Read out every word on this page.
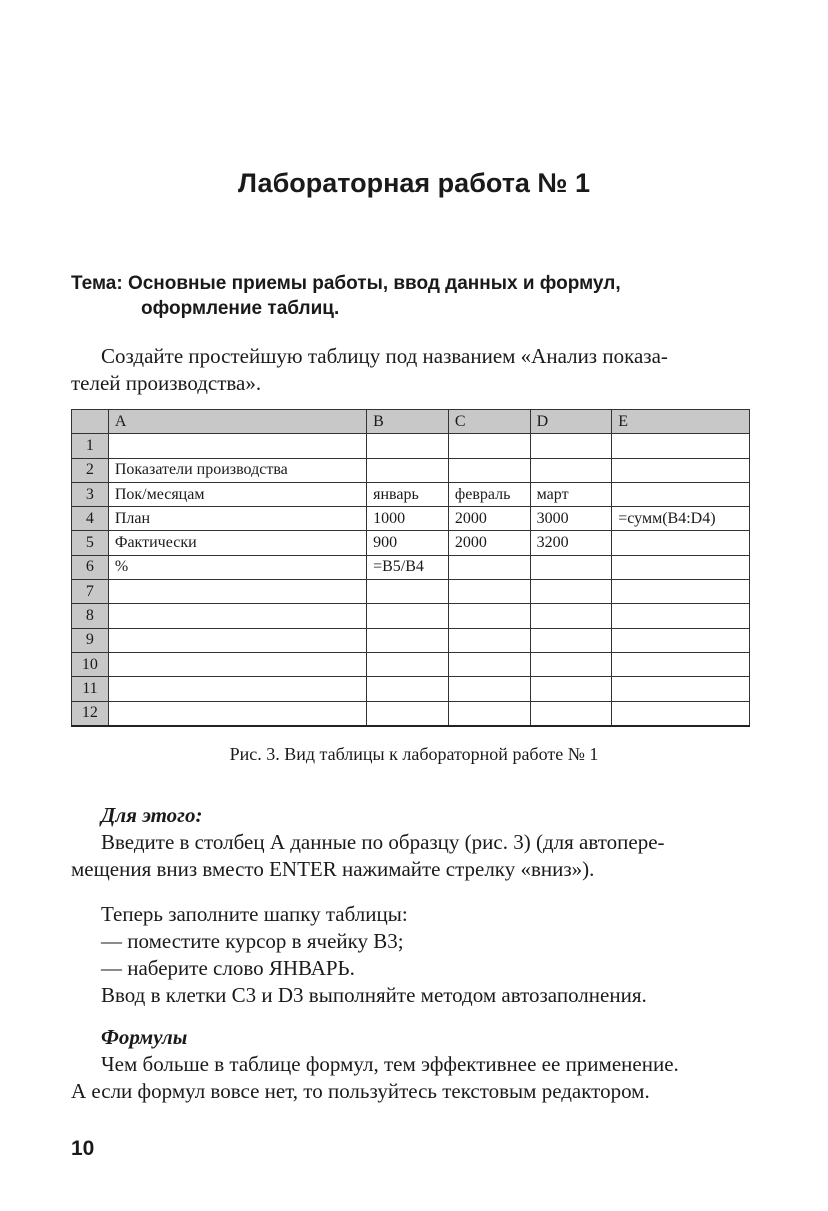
Лабораторная работа № 1
Тема: Основные приемы работы, ввод данных и формул,
оформление таблиц.
Создайте простейшую таблицу под названием «Анализ показа-
телей производства».
	A	B	C	D	E
1					
2	Показатели производства				
3	Пок/месяцам	январь	февраль	март	
4	План	1000	2000	3000	=сумм(B4:D4)
5	Фактически	900	2000	3200	
6	%	=B5/B4			
7					
8					
9					
10					
11					
12					
Рис. 3. Вид таблицы к лабораторной работе № 1
Для этого:
Введите в столбец А данные по образцу (рис. 3) (для автопере-
мещения вниз вместо ENTER нажимайте стрелку «вниз»).
Теперь заполните шапку таблицы:
— поместите курсор в ячейку В3;
— наберите слово ЯНВАРЬ.
Ввод в клетки С3 и D3 выполняйте методом автозаполнения.
Формулы
Чем больше в таблице формул, тем эффективнее ее применение.
А если формул вовсе нет, то пользуйтесь текстовым редактором.
10
